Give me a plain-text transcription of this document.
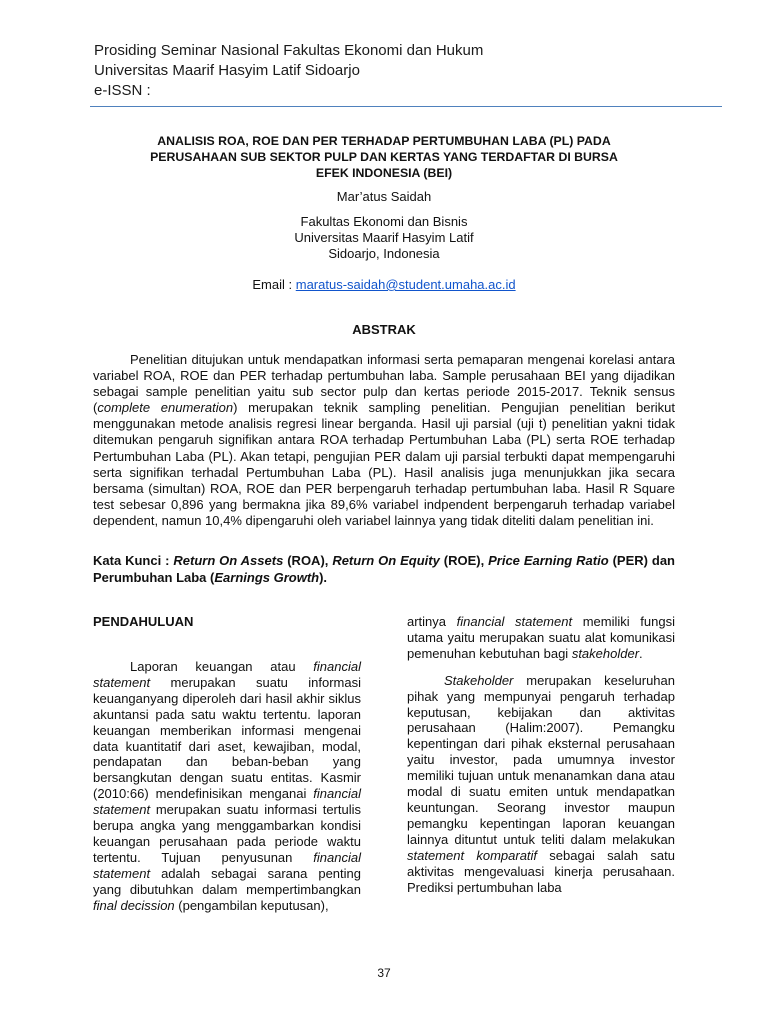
Prosiding Seminar Nasional Fakultas Ekonomi dan Hukum
Universitas Maarif Hasyim Latif Sidoarjo
e-ISSN :
ANALISIS ROA, ROE DAN PER TERHADAP PERTUMBUHAN LABA (PL) PADA
PERUSAHAAN SUB SEKTOR PULP DAN KERTAS YANG TERDAFTAR DI BURSA
EFEK INDONESIA (BEI)
Mar’atus Saidah
Fakultas Ekonomi dan Bisnis
Universitas Maarif Hasyim Latif
Sidoarjo, Indonesia
Email : maratus-saidah@student.umaha.ac.id
ABSTRAK

Penelitian ditujukan untuk mendapatkan informasi serta pemaparan mengenai korelasi antara variabel ROA, ROE dan PER terhadap pertumbuhan laba. Sample perusahaan BEI yang dijadikan sebagai sample penelitian yaitu sub sector pulp dan kertas periode 2015-2017. Teknik sensus (complete enumeration) merupakan teknik sampling penelitian. Pengujian penelitian berikut menggunakan metode analisis regresi linear berganda. Hasil uji parsial (uji t) penelitian yakni tidak ditemukan pengaruh signifikan antara ROA terhadap Pertumbuhan Laba (PL) serta ROE terhadap Pertumbuhan Laba (PL). Akan tetapi, pengujian PER dalam uji parsial terbukti dapat mempengaruhi serta signifikan terhadal Pertumbuhan Laba (PL). Hasil analisis juga menunjukkan jika secara bersama (simultan) ROA, ROE dan PER berpengaruh terhadap pertumbuhan laba. Hasil R Square test sebesar 0,896 yang bermakna jika 89,6% variabel indpendent berpengaruh terhadap variabel dependent, namun 10,4% dipengaruhi oleh variabel lainnya yang tidak diteliti dalam penelitian ini.

Kata Kunci : Return On Assets (ROA), Return On Equity (ROE), Price Earning Ratio (PER) dan Perumbuhan Laba (Earnings Growth).

PENDAHULUAN

Laporan keuangan atau financial statement merupakan suatu informasi keuanganyang diperoleh dari hasil akhir siklus akuntansi pada satu waktu tertentu. laporan keuangan memberikan informasi mengenai data kuantitatif dari aset, kewajiban, modal, pendapatan dan beban-beban yang bersangkutan dengan suatu entitas. Kasmir (2010:66) mendefinisikan menganai financial statement merupakan suatu informasi tertulis berupa angka yang menggambarkan kondisi keuangan perusahaan pada periode waktu tertentu. Tujuan penyusunan financial statement adalah sebagai sarana penting yang dibutuhkan dalam mempertimbangkan final decission (pengambilan keputusan),

artinya financial statement memiliki fungsi utama yaitu merupakan suatu alat komunikasi pemenuhan kebutuhan bagi stakeholder.

Stakeholder merupakan keseluruhan pihak yang mempunyai pengaruh terhadap keputusan, kebijakan dan aktivitas perusahaan (Halim:2007). Pemangku kepentingan dari pihak eksternal perusahaan yaitu investor, pada umumnya investor memiliki tujuan untuk menanamkan dana atau modal di suatu emiten untuk mendapatkan keuntungan. Seorang investor maupun pemangku kepentingan laporan keuangan lainnya dituntut untuk teliti dalam melakukan statement komparatif sebagai salah satu aktivitas mengevaluasi kinerja perusahaan. Prediksi pertumbuhan laba

37
